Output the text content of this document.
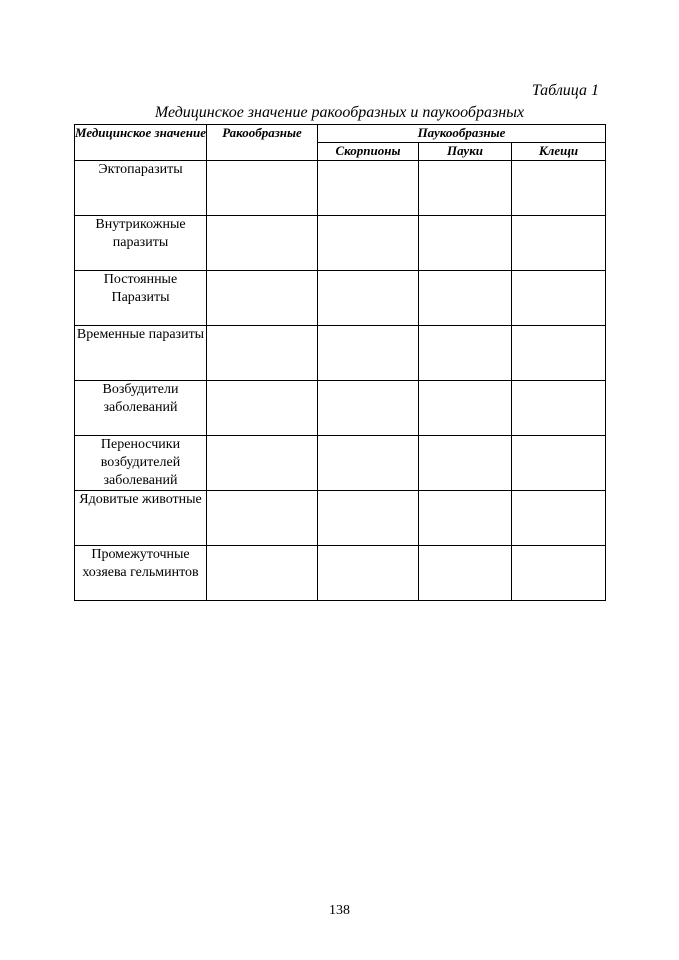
Таблица 1
Медицинское значение ракообразных и паукообразных
Медицинское значение	Ракообразные	Паукообразные		
		Скорпионы	Пауки	Клещи
Эктопаразиты				
Внутрикожные паразиты				
Постоянные Паразиты				
Временные паразиты				
Возбудители заболеваний				
Переносчики возбудителей заболеваний				
Ядовитые животные				
Промежуточные хозяева гельминтов				
138
